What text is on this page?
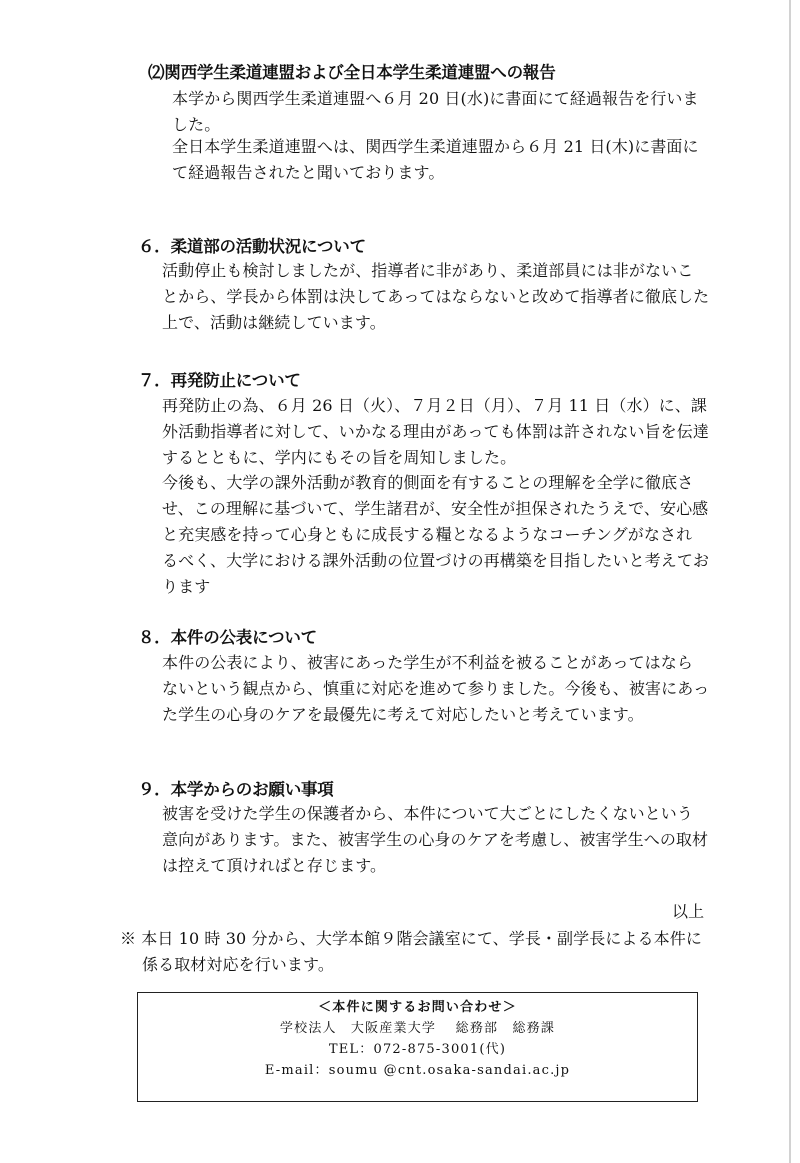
⑵関西学生柔道連盟および全日本学生柔道連盟への報告
本学から関西学生柔道連盟へ６月 20 日(水)に書面にて経過報告を行いま
した。
全日本学生柔道連盟へは、関西学生柔道連盟から６月 21 日(木)に書面に
て経過報告されたと聞いております。
６．柔道部の活動状況について
活動停止も検討しましたが、指導者に非があり、柔道部員には非がないこ
とから、学長から体罰は決してあってはならないと改めて指導者に徹底した
上で、活動は継続しています。
７．再発防止について
再発防止の為、６月 26 日（火）、７月２日（月）、７月 11 日（水）に、課
外活動指導者に対して、いかなる理由があっても体罰は許されない旨を伝達
するとともに、学内にもその旨を周知しました。
今後も、大学の課外活動が教育的側面を有することの理解を全学に徹底さ
せ、この理解に基づいて、学生諸君が、安全性が担保されたうえで、安心感
と充実感を持って心身ともに成長する糧となるようなコーチングがなされ
るべく、大学における課外活動の位置づけの再構築を目指したいと考えてお
ります
８．本件の公表について
本件の公表により、被害にあった学生が不利益を被ることがあってはなら
ないという観点から、慎重に対応を進めて参りました。今後も、被害にあっ
た学生の心身のケアを最優先に考えて対応したいと考えています。
９．本学からのお願い事項
被害を受けた学生の保護者から、本件について大ごとにしたくないという
意向があります。また、被害学生の心身のケアを考慮し、被害学生への取材
は控えて頂ければと存じます。
以上
※ 本日 10 時 30 分から、大学本館９階会議室にて、学長・副学長による本件に
係る取材対応を行います。
＜本件に関するお問い合わせ＞
学校法人　大阪産業大学　 総務部　総務課
TEL：072-875-3001(代)
E-mail：soumu @cnt.osaka-sandai.ac.jp
